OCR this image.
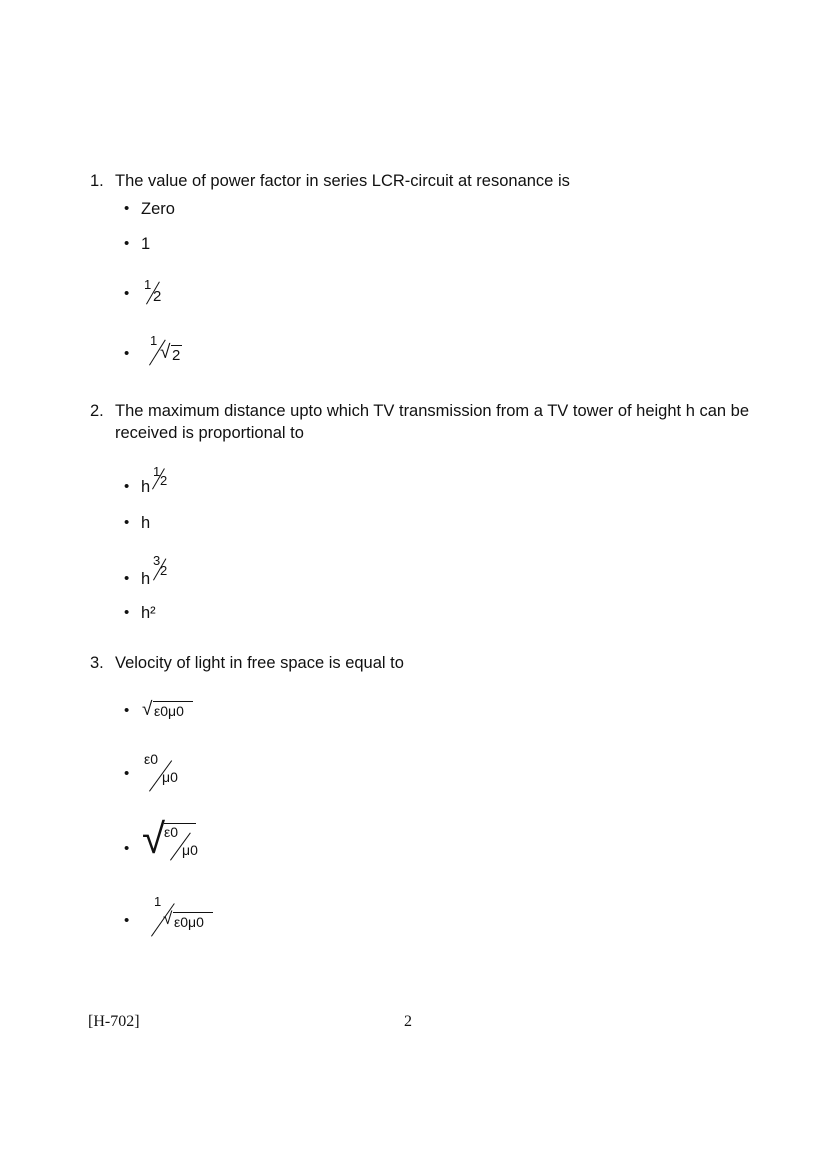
1. The value of power factor in series LCR-circuit at resonance is
• Zero
• 1
•
1
2
•
1
√ 2
2. The maximum distance upto which TV transmission from a TV tower of height h can be received is proportional to
• h
1
2
• h
• h
3
2
• h²
3. Velocity of light in free space is equal to
• √ ε0μ0
•
ε0
μ0
• √
ε0
μ0
•
1
√ ε0μ0
[H-702]	2
